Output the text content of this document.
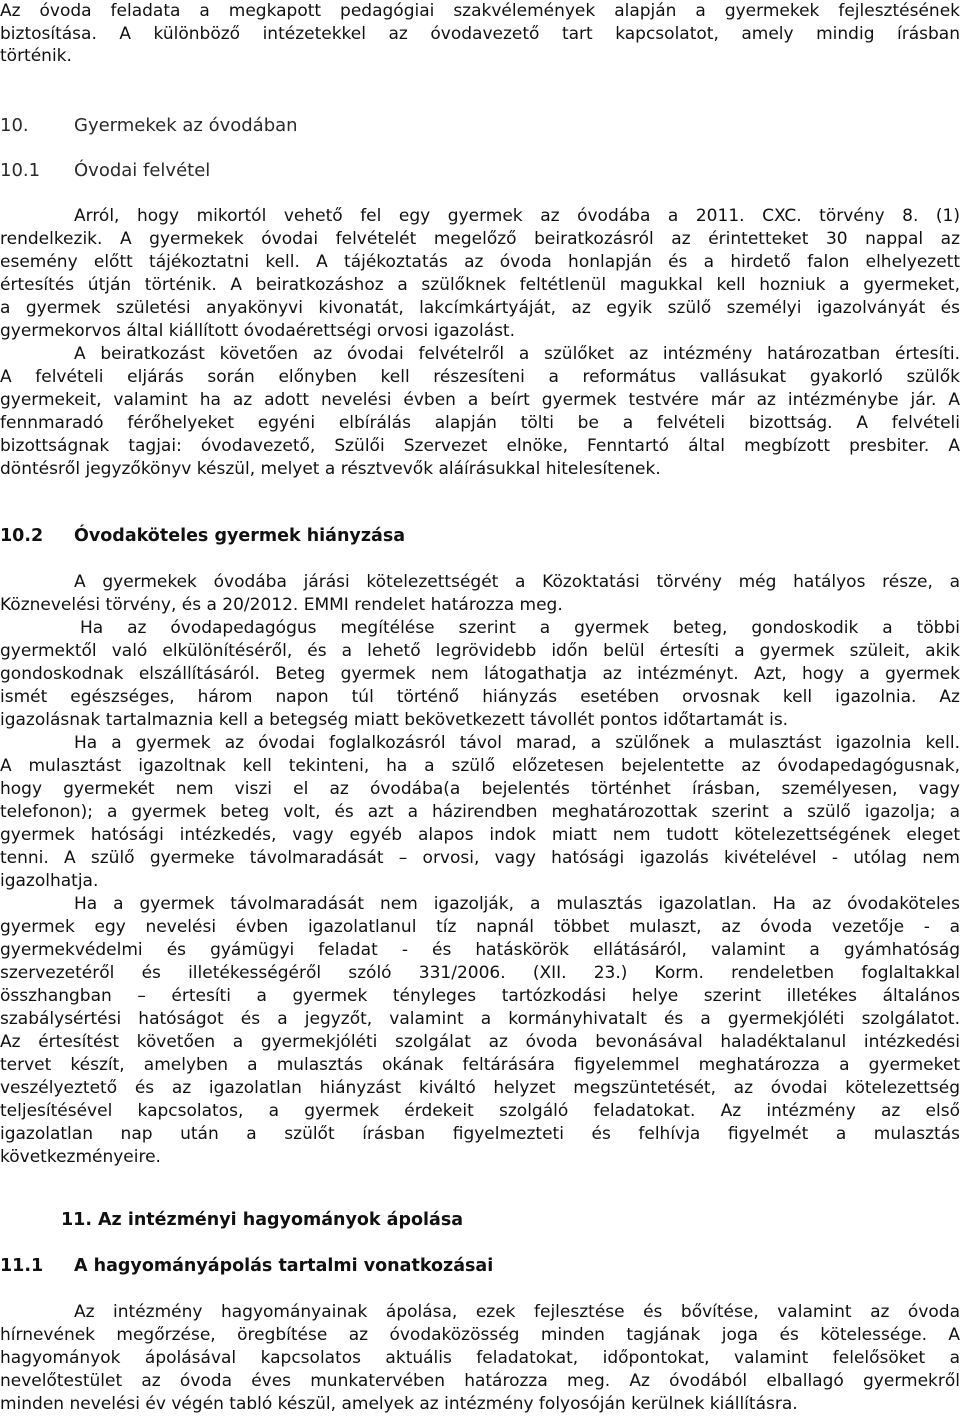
Az óvoda feladata a megkapott pedagógiai szakvélemények alapján a gyermekek fejlesztésének
biztosítása. A különböző intézetekkel az óvodavezető tart kapcsolatot, amely mindig írásban
történik.
10.	Gyermekek az óvodában
10.1 Óvodai felvétel
Arról, hogy mikortól vehető fel egy gyermek az óvodába a 2011. CXC. törvény 8. (1)
rendelkezik. A gyermekek óvodai felvételét megelőző beiratkozásról az érintetteket 30 nappal az
esemény előtt tájékoztatni kell. A tájékoztatás az óvoda honlapján és a hirdető falon elhelyezett
értesítés útján történik. A beiratkozáshoz a szülőknek feltétlenül magukkal kell hozniuk a gyermeket,
a gyermek születési anyakönyvi kivonatát, lakcímkártyáját, az egyik szülő személyi igazolványát és
gyermekorvos által kiállított óvodaérettségi orvosi igazolást.
A beiratkozást követően az óvodai felvételről a szülőket az intézmény határozatban értesíti.
A felvételi eljárás során előnyben kell részesíteni a református vallásukat gyakorló szülők
gyermekeit, valamint ha az adott nevelési évben a beírt gyermek testvére már az intézménybe jár. A
fennmaradó férőhelyeket egyéni elbírálás alapján tölti be a felvételi bizottság. A felvételi
bizottságnak tagjai: óvodavezető, Szülői Szervezet elnöke, Fenntartó által megbízott presbiter. A
döntésről jegyzőkönyv készül, melyet a résztvevők aláírásukkal hitelesítenek.
10.2 Óvodaköteles gyermek hiányzása
A gyermekek óvodába járási kötelezettségét a Közoktatási törvény még hatályos része, a
Köznevelési törvény, és a 20/2012. EMMI rendelet határozza meg.
Ha az óvodapedagógus megítélése szerint a gyermek beteg, gondoskodik a többi
gyermektől való elkülönítéséről, és a lehető legrövidebb időn belül értesíti a gyermek szüleit, akik
gondoskodnak elszállításáról. Beteg gyermek nem látogathatja az intézményt. Azt, hogy a gyermek
ismét egészséges, három napon túl történő hiányzás esetében orvosnak kell igazolnia. Az
igazolásnak tartalmaznia kell a betegség miatt bekövetkezett távollét pontos időtartamát is.
Ha a gyermek az óvodai foglalkozásról távol marad, a szülőnek a mulasztást igazolnia kell.
A mulasztást igazoltnak kell tekinteni, ha a szülő előzetesen bejelentette az óvodapedagógusnak,
hogy gyermekét nem viszi el az óvodába(a bejelentés történhet írásban, személyesen, vagy
telefonon); a gyermek beteg volt, és azt a házirendben meghatározottak szerint a szülő igazolja; a
gyermek hatósági intézkedés, vagy egyéb alapos indok miatt nem tudott kötelezettségének eleget
tenni. A szülő gyermeke távolmaradását – orvosi, vagy hatósági igazolás kivételével - utólag nem
igazolhatja.
Ha a gyermek távolmaradását nem igazolják, a mulasztás igazolatlan. Ha az óvodaköteles
gyermek egy nevelési évben igazolatlanul tíz napnál többet mulaszt, az óvoda vezetője - a
gyermekvédelmi és gyámügyi feladat - és hatáskörök ellátásáról, valamint a gyámhatóság
szervezetéről és illetékességéről szóló 331/2006. (XII. 23.) Korm. rendeletben foglaltakkal
összhangban – értesíti a gyermek tényleges tartózkodási helye szerint illetékes általános
szabálysértési hatóságot és a jegyzőt, valamint a kormányhivatalt és a gyermekjóléti szolgálatot.
Az értesítést követően a gyermekjóléti szolgálat az óvoda bevonásával haladéktalanul intézkedési
tervet készít, amelyben a mulasztás okának feltárására figyelemmel meghatározza a gyermeket
veszélyeztető és az igazolatlan hiányzást kiváltó helyzet megszüntetését, az óvodai kötelezettség
teljesítésével kapcsolatos, a gyermek érdekeit szolgáló feladatokat. Az intézmény az első
igazolatlan nap után a szülőt írásban figyelmezteti és felhívja figyelmét a mulasztás
következményeire.
11. Az intézményi hagyományok ápolása
11.1 A hagyományápolás tartalmi vonatkozásai
Az intézmény hagyományainak ápolása, ezek fejlesztése és bővítése, valamint az óvoda
hírnevének megőrzése, öregbítése az óvodaközösség minden tagjának joga és kötelessége. A
hagyományok ápolásával kapcsolatos aktuális feladatokat, időpontokat, valamint felelősöket a
nevelőtestület az óvoda éves munkatervében határozza meg. Az óvodából elballagó gyermekről
minden nevelési év végén tabló készül, amelyek az intézmény folyosóján kerülnek kiállításra.
